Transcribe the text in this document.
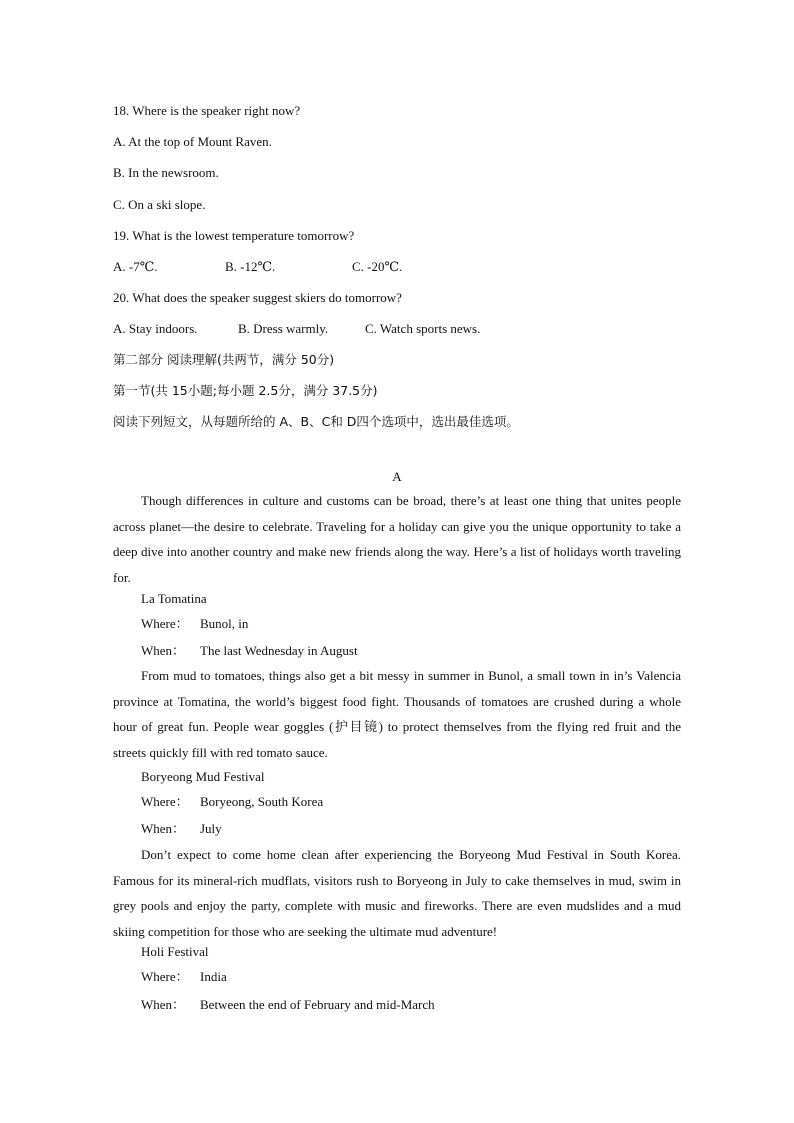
18. Where is the speaker right now?
A. At the top of Mount Raven.
B. In the newsroom.
C. On a ski slope.
19. What is the lowest temperature tomorrow?
A. -7℃.	B. -12℃.	C. -20℃.
20. What does the speaker suggest skiers do tomorrow?
A. Stay indoors.	B. Dress warmly.	C. Watch sports news.
第二部分 阅读理解(共两节，满分 50分)
第一节(共 15小题;每小题 2.5分，满分 37.5分)
阅读下列短文，从每题所给的 A、B、C和 D四个选项中，选出最佳选项。
A
Though differences in culture and customs can be broad, there’s at least one thing that unites people across planet—the desire to celebrate. Traveling for a holiday can give you the unique opportunity to take a deep dive into another country and make new friends along the way. Here’s a list of holidays worth traveling for.
La Tomatina
Where： Bunol, in
When： The last Wednesday in August
From mud to tomatoes, things also get a bit messy in summer in Bunol, a small town in in’s Valencia province at Tomatina, the world’s biggest food fight. Thousands of tomatoes are crushed during a whole hour of great fun. People wear goggles (护目镜) to protect themselves from the flying red fruit and the streets quickly fill with red tomato sauce.
Boryeong Mud Festival
Where： Boryeong, South Korea
When： July
Don’t expect to come home clean after experiencing the Boryeong Mud Festival in South Korea. Famous for its mineral-rich mudflats, visitors rush to Boryeong in July to cake themselves in mud, swim in grey pools and enjoy the party, complete with music and fireworks. There are even mudslides and a mud skiing competition for those who are seeking the ultimate mud adventure!
Holi Festival
Where： India
When： Between the end of February and mid-March
